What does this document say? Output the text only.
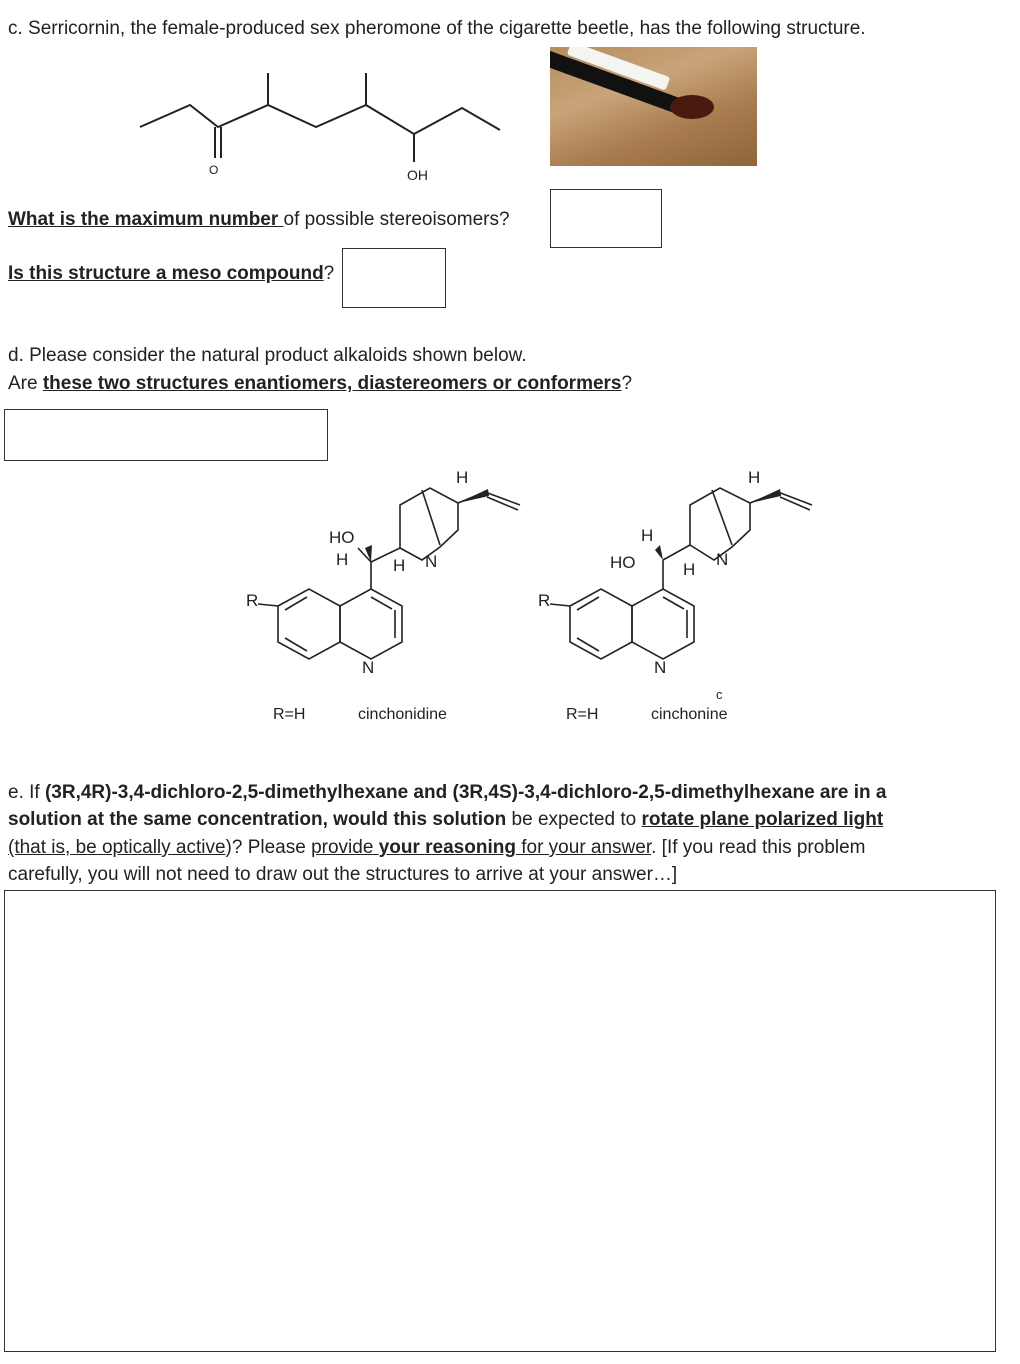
c. Serricornin, the female-produced sex pheromone of the cigarette beetle, has the following structure.
O	OH
What is the maximum number of possible stereoisomers?
Is this structure a meso compound?
d. Please consider the natural product alkaloids shown below.
Are these two structures enantiomers, diastereomers or conformers?
R
HO
H	H N
N
H
R=H	cinchonidine
R
HO
H
H
N
N
H
c
R=H	cinchonine
e. If (3R,4R)-3,4-dichloro-2,5-dimethylhexane and (3R,4S)-3,4-dichloro-2,5-dimethylhexane are in a
solution at the same concentration, would this solution be expected to rotate plane polarized light
(that is, be optically active)? Please provide your reasoning for your answer. [If you read this problem
carefully, you will not need to draw out the structures to arrive at your answer…]
